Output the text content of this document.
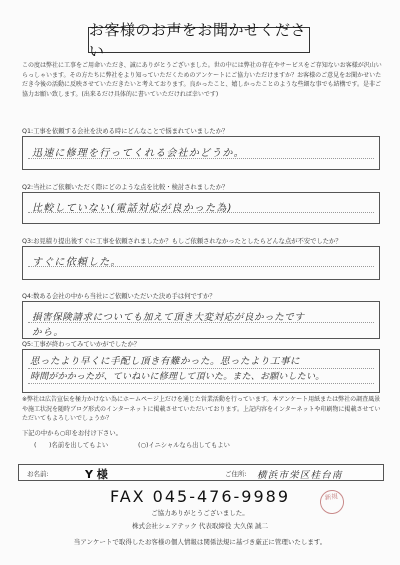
お客様のお声をお聞かせください
この度は弊社に工事をご用命いただき、誠にありがとうございました。世の中には弊社の存在やサービスをご存知ないお客様が沢山いらっしゃいます。その方たちに弊社をより知っていただくためのアンケートにご協力いただけますか？お客様のご意見をお聞かせいただき今後の活動に反映させていただきたいと考えております。良かったこと、嬉しかったことのような些細な事でも結構です。是非ご協力お願い致します。(出来るだけ具体的に書いていただければ幸いです)
Q1:工事を依頼する会社を決める時にどんなことで悩まれていましたか？
迅速に修理を行ってくれる会社かどうか。
Q2:当社にご依頼いただく際にどのような点を比較・検討されましたか？
比較していない(電話対応が良かった為)
Q3:お見積り提出後すぐに工事を依頼されましたか？もしご依頼されなかったとしたらどんな点が不安でしたか？
すぐに依頼した。
Q4:数ある会社の中から当社にご依頼いただいた決め手は何ですか？
損害保険請求についても加えて頂き大変対応が良かったです
から。
Q5:工事が終わってみていかがでしたか？
思ったより早くに手配し頂き有難かった。思ったより工事に
時間がかかったが、ていねいに修理して頂いた。また、お願いしたい。
※弊社は広告宣伝を極力かけない為にホームページ上だけを通じた営業活動を行っています。本アンケート用紙または弊社の調査風景や施工状況を随時ブログ形式のインターネットに掲載させていただいております。上記内容をインターネットや印刷物に掲載させていただいてもよろしいでしょうか？
下記の中から○印をお付け下さい。
(　　)名前を出してもよい	(○)イニシャルなら出してもよい
お名前:	Y 様	ご住所: 横浜市栄区桂台南
FAX 045-476-9989	新規
ご協力ありがとうございました。
株式会社シェアテック 代表取締役 大久保 誠二
当アンケートで取得したお客様の個人情報は関係法規に基づき厳正に管理いたします。
